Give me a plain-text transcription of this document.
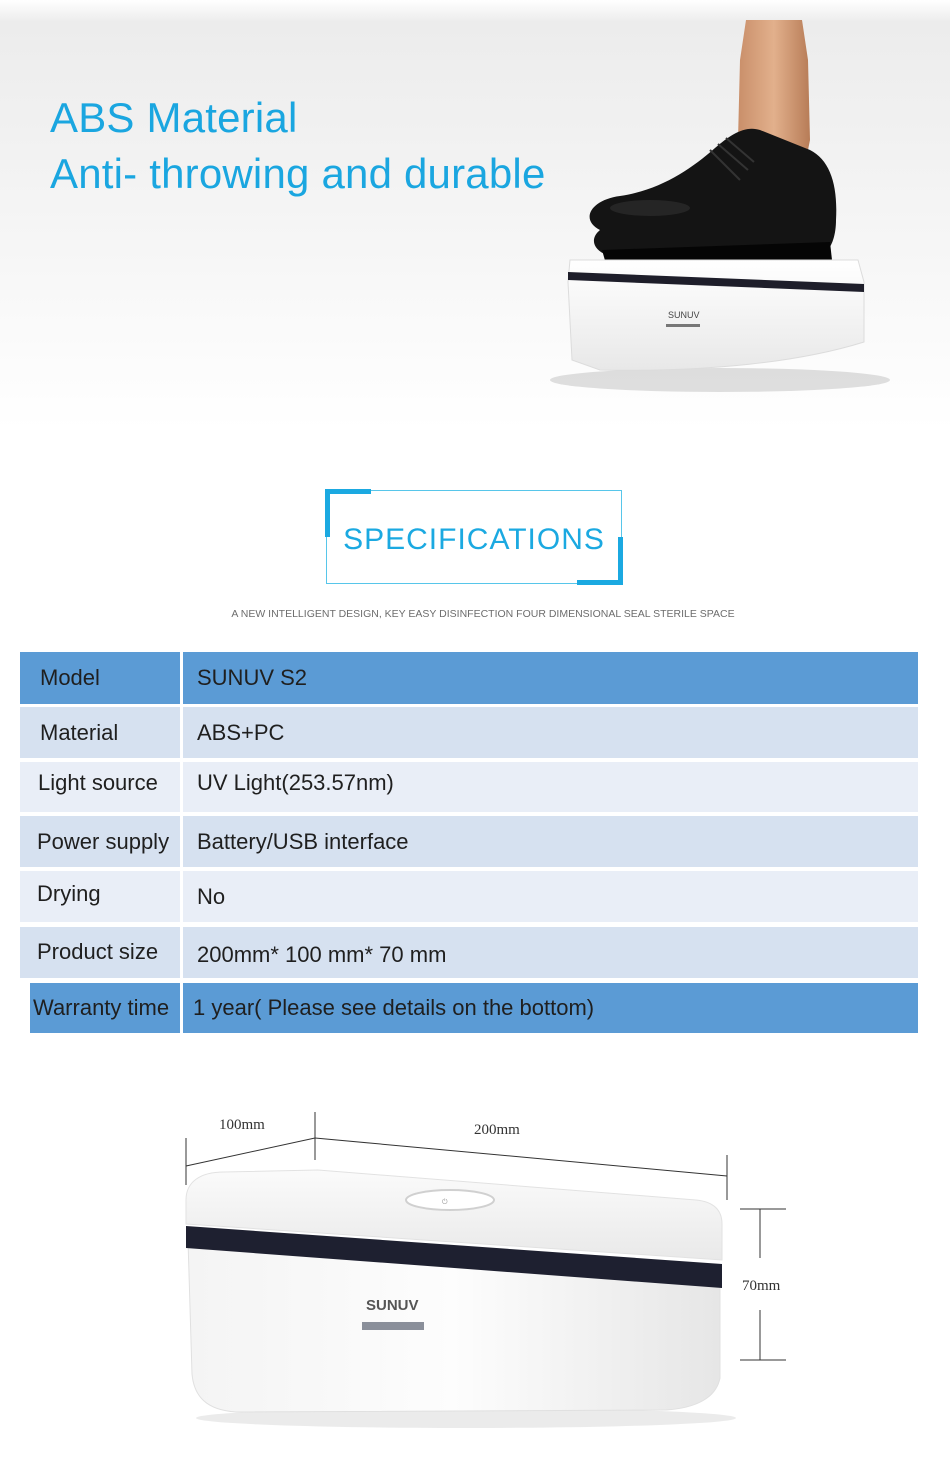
ABS Material
Anti- throwing and durable
SUNUV
SPECIFICATIONS
A NEW INTELLIGENT DESIGN, KEY EASY DISINFECTION FOUR DIMENSIONAL SEAL STERILE SPACE
Model	SUNUV S2
Material	ABS+PC
Light source	UV Light(253.57nm)
Power supply	Battery/USB interface
Drying	No
Product size	200mm* 100 mm* 70 mm
Warranty time	1 year( Please see details on the bottom)
100mm	200mm
70mm
⏻
SUNUV
